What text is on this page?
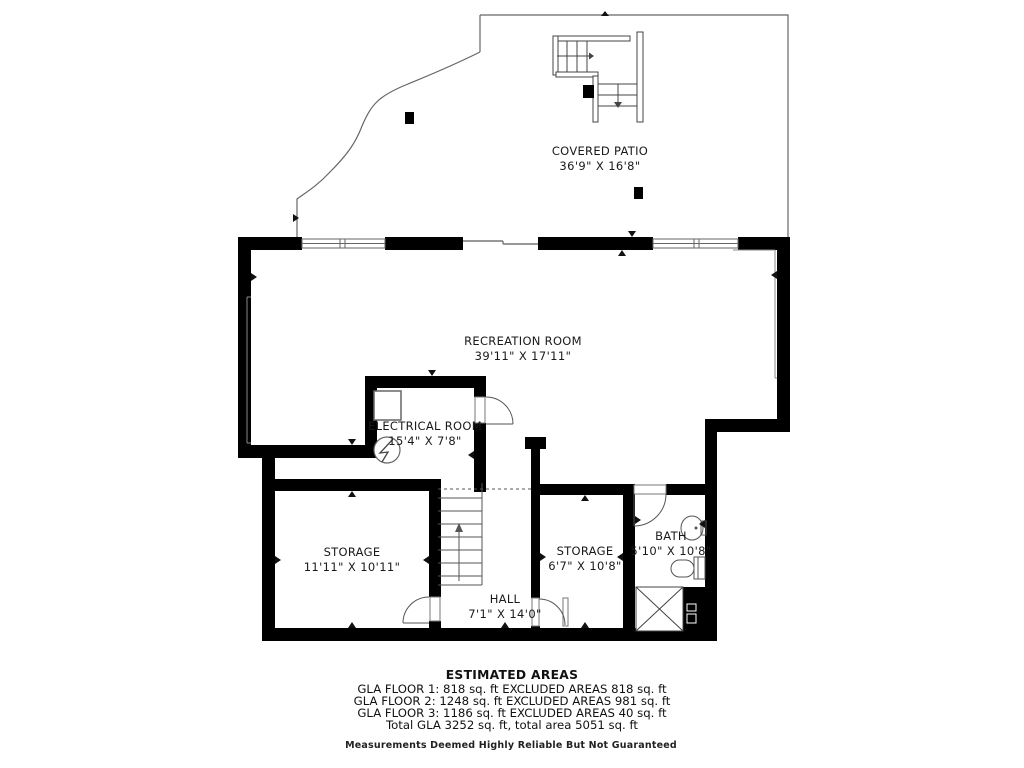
COVERED PATIO
36'9" X 16'8"
RECREATION ROOM
39'11" X 17'11"
ELECTRICAL ROOM
15'4" X 7'8"
STORAGE
11'11" X 10'11"
STORAGE
6'7" X 10'8"
BATH
5'10" X 10'8"
HALL
7'1" X 14'0"
ESTIMATED AREAS
GLA FLOOR 1: 818 sq. ft EXCLUDED AREAS 818 sq. ft
GLA FLOOR 2: 1248 sq. ft EXCLUDED AREAS 981 sq. ft
GLA FLOOR 3: 1186 sq. ft EXCLUDED AREAS 40 sq. ft
Total GLA 3252 sq. ft, total area 5051 sq. ft
Measurements Deemed Highly Reliable But Not Guaranteed
